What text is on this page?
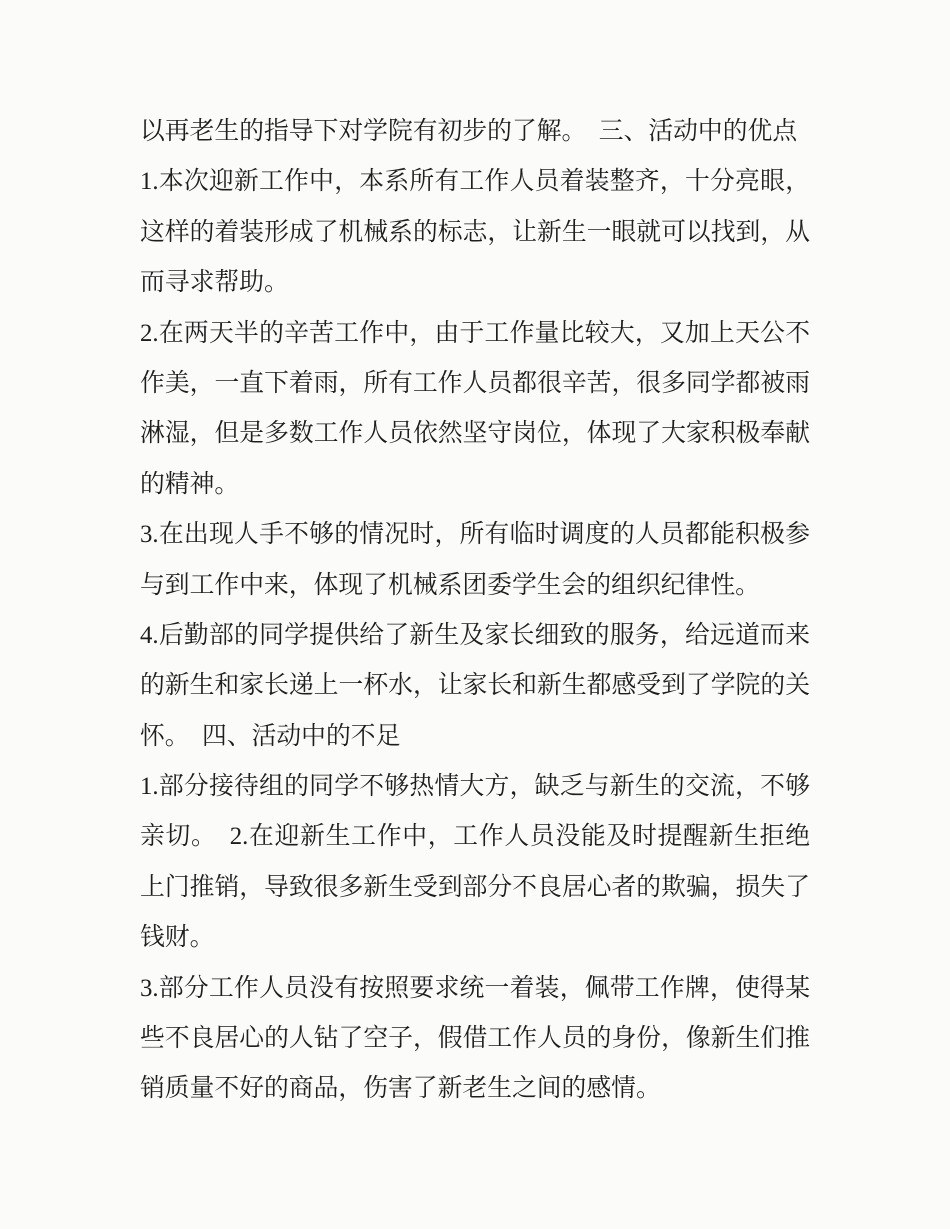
以再老生的指导下对学院有初步的了解。　三、活动中的优点
1.本次迎新工作中，本系所有工作人员着装整齐，十分亮眼，
这样的着装形成了机械系的标志，让新生一眼就可以找到，从
而寻求帮助。
2.在两天半的辛苦工作中，由于工作量比较大，又加上天公不
作美，一直下着雨，所有工作人员都很辛苦，很多同学都被雨
淋湿，但是多数工作人员依然坚守岗位，体现了大家积极奉献
的精神。
3.在出现人手不够的情况时，所有临时调度的人员都能积极参
与到工作中来，体现了机械系团委学生会的组织纪律性。
4.后勤部的同学提供给了新生及家长细致的服务，给远道而来
的新生和家长递上一杯水，让家长和新生都感受到了学院的关
怀。　四、活动中的不足
1.部分接待组的同学不够热情大方，缺乏与新生的交流，不够
亲切。　2.在迎新生工作中，工作人员没能及时提醒新生拒绝
上门推销，导致很多新生受到部分不良居心者的欺骗，损失了
钱财。
3.部分工作人员没有按照要求统一着装，佩带工作牌，使得某
些不良居心的人钻了空子，假借工作人员的身份，像新生们推
销质量不好的商品，伤害了新老生之间的感情。
